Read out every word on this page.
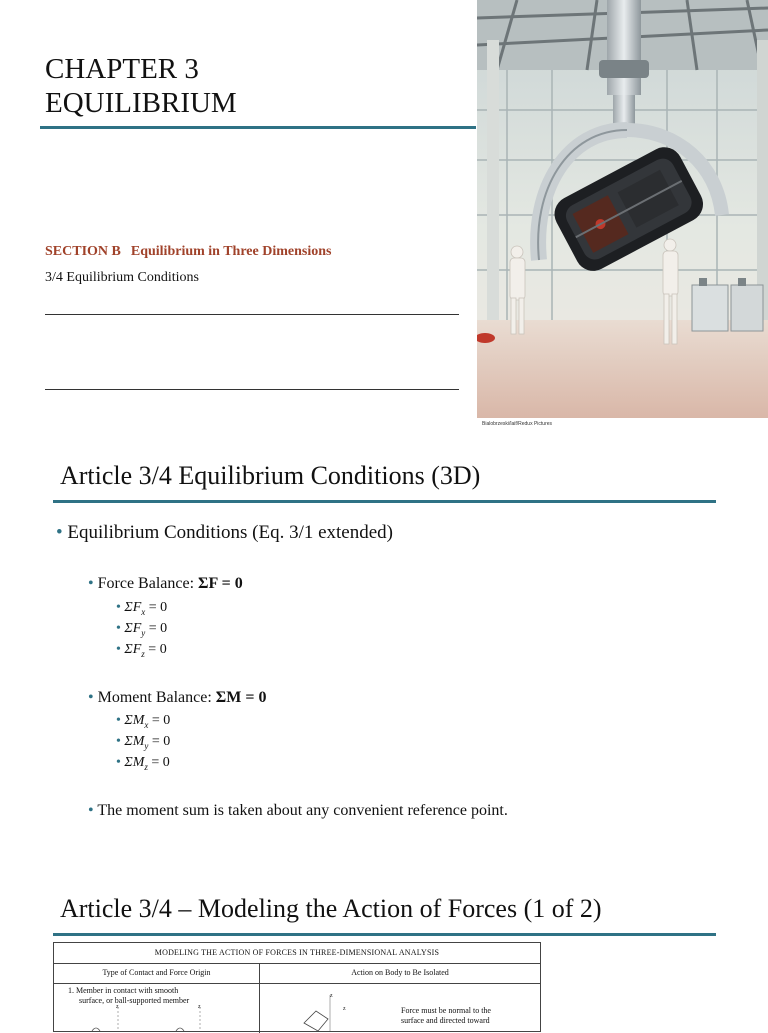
CHAPTER 3
EQUILIBRIUM
SECTION B Equilibrium in Three Dimensions
3/4 Equilibrium Conditions
Bialobrzeski/laif/Redux Pictures
Article 3/4 Equilibrium Conditions (3D)
• Equilibrium Conditions (Eq. 3/1 extended)
• Force Balance: ΣF = 0
• $\Sigma F_x = 0$
• $\Sigma F_y = 0$
• $\Sigma F_z = 0$
• Moment Balance: ΣM = 0
• $\Sigma M_x = 0$
• $\Sigma M_y = 0$
• $\Sigma M_z = 0$
• The moment sum is taken about any convenient reference point.
Article 3/4 – Modeling the Action of Forces (1 of 2)
MODELING THE ACTION OF FORCES IN THREE-DIMENSIONAL ANALYSIS
Type of Contact and Force Origin	Action on Body to Be Isolated
1. Member in contact with smooth
surface, or ball-supported member
z	z
z
z	Force must be normal to the
surface and directed toward
